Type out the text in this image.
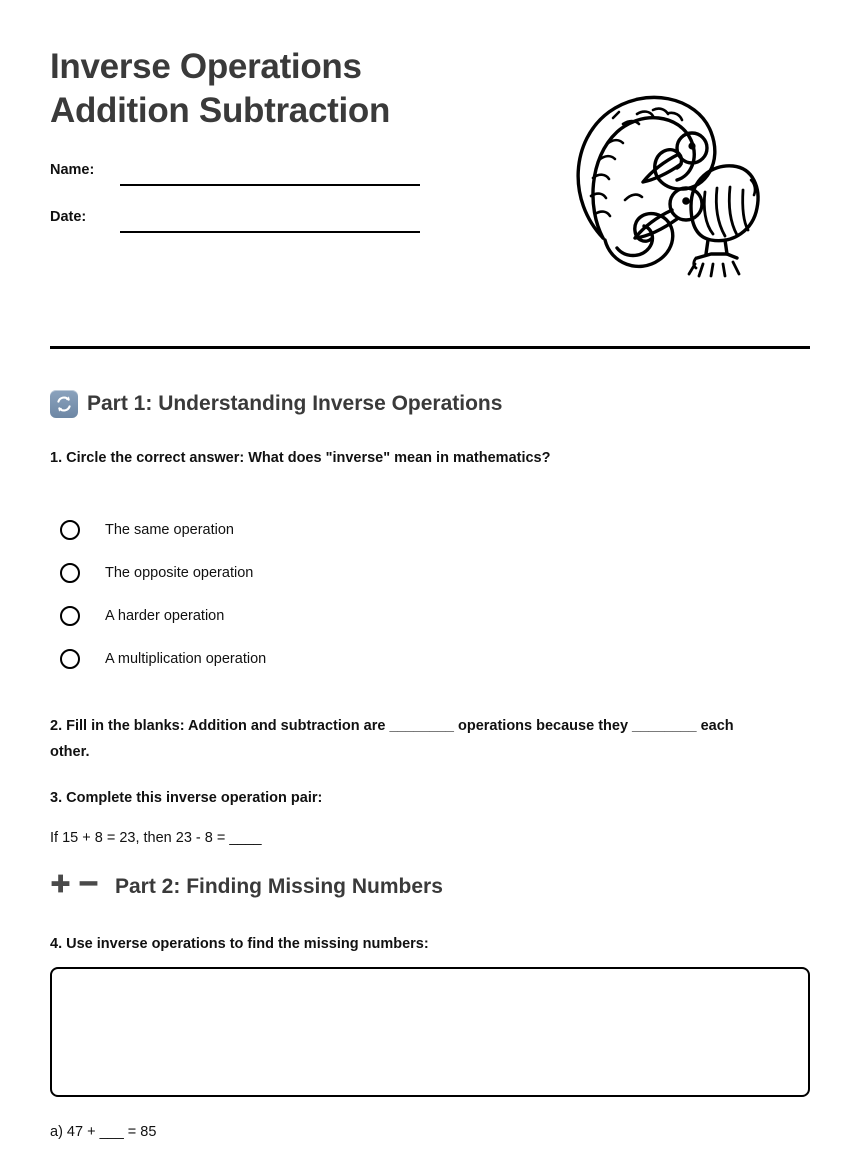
Inverse Operations
Addition Subtraction
Name:
Date:
Part 1: Understanding Inverse Operations
1. Circle the correct answer: What does "inverse" mean in mathematics?
The same operation
The opposite operation
A harder operation
A multiplication operation
2. Fill in the blanks: Addition and subtraction are ________ operations because they ________ each other.
3. Complete this inverse operation pair:
If 15 + 8 = 23, then 23 - 8 = ____
Part 2: Finding Missing Numbers
4. Use inverse operations to find the missing numbers:
a) 47 + ___ = 85
